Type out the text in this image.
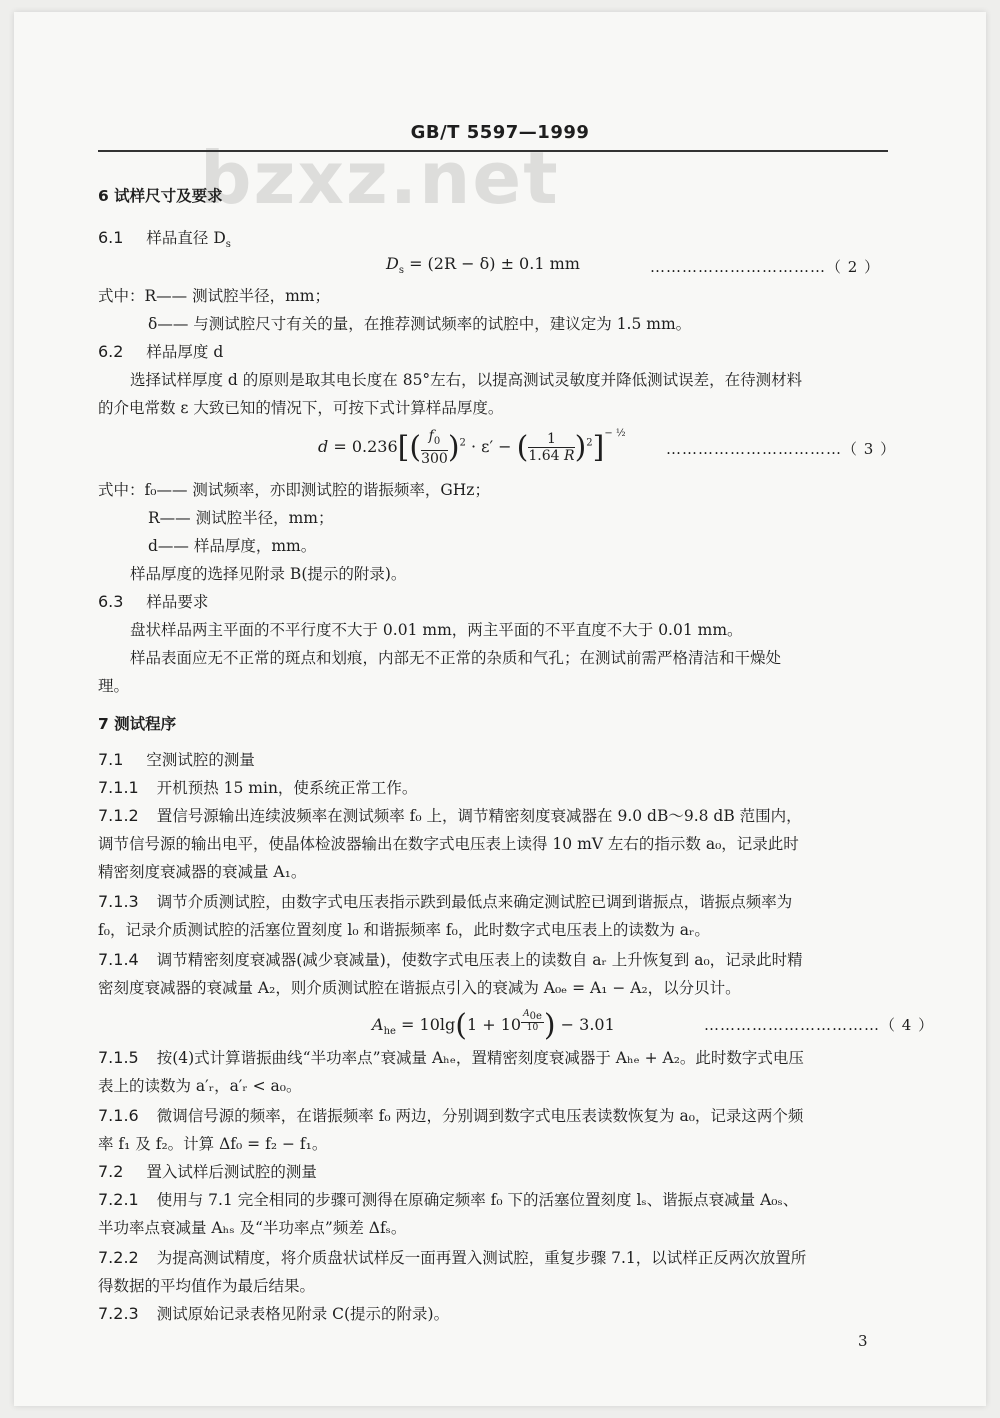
GB/T 5597—1999
bzxz.net
6 试样尺寸及要求
6.1 样品直径 $D_s$
$D_s = (2R - \delta) \pm 0.1$ mm	……………………………（ 2 ）
式中：R—— 测试腔半径，mm；
δ—— 与测试腔尺寸有关的量，在推荐测试频率的试腔中，建议定为 1.5 mm。
6.2 样品厚度 d
选择试样厚度 d 的原则是取其电长度在 85°左右，以提高测试灵敏度并降低测试误差，在待测材料
的介电常数 ε 大致已知的情况下，可按下式计算样品厚度。
$d = 0.236[( \frac{f_0}{300} )^2 \cdot \varepsilon'$ − ( $\frac{1}{1.64 R} )^2]^{- \frac{1}{2}}$
……………………………（ 3 ）
式中：f₀—— 测试频率，亦即测试腔的谐振频率，GHz；
R—— 测试腔半径，mm；
d—— 样品厚度，mm。
样品厚度的选择见附录 B(提示的附录)。
6.3 样品要求
盘状样品两主平面的不平行度不大于 0.01 mm，两主平面的不平直度不大于 0.01 mm。
样品表面应无不正常的斑点和划痕，内部无不正常的杂质和气孔；在测试前需严格清洁和干燥处
理。
7 测试程序
7.1 空测试腔的测量
7.1.1 开机预热 15 min，使系统正常工作。
7.1.2 置信号源输出连续波频率在测试频率 f₀ 上，调节精密刻度衰减器在 9.0 dB～9.8 dB 范围内，
调节信号源的输出电平，使晶体检波器输出在数字式电压表上读得 10 mV 左右的指示数 a₀，记录此时
精密刻度衰减器的衰减量 A₁。
7.1.3 调节介质测试腔，由数字式电压表指示跌到最低点来确定测试腔已调到谐振点，谐振点频率为
f₀，记录介质测试腔的活塞位置刻度 l₀ 和谐振频率 f₀，此时数字式电压表上的读数为 aᵣ。
7.1.4 调节精密刻度衰减器(减少衰减量)，使数字式电压表上的读数自 aᵣ 上升恢复到 a₀，记录此时精
密刻度衰减器的衰减量 A₂，则介质测试腔在谐振点引入的衰减为 A₀ₑ = A₁ − A₂，以分贝计。
$A_{he} = 10\lg(1 + 10$ $^{\frac{A_{0e}}{10}}$ ) − 3.01	……………………………（ 4 ）
7.1.5 按(4)式计算谐振曲线“半功率点”衰减量 Aₕₑ，置精密刻度衰减器于 Aₕₑ + A₂。此时数字式电压
表上的读数为 a′ᵣ，a′ᵣ < a₀。
7.1.6 微调信号源的频率，在谐振频率 f₀ 两边，分别调到数字式电压表读数恢复为 a₀，记录这两个频
率 f₁ 及 f₂。计算 Δf₀ = f₂ − f₁。
7.2 置入试样后测试腔的测量
7.2.1 使用与 7.1 完全相同的步骤可测得在原确定频率 f₀ 下的活塞位置刻度 lₛ、谐振点衰减量 A₀ₛ、
半功率点衰减量 Aₕₛ 及“半功率点”频差 Δfₛ。
7.2.2 为提高测试精度，将介质盘状试样反一面再置入测试腔，重复步骤 7.1，以试样正反两次放置所
得数据的平均值作为最后结果。
7.2.3 测试原始记录表格见附录 C(提示的附录)。
3
